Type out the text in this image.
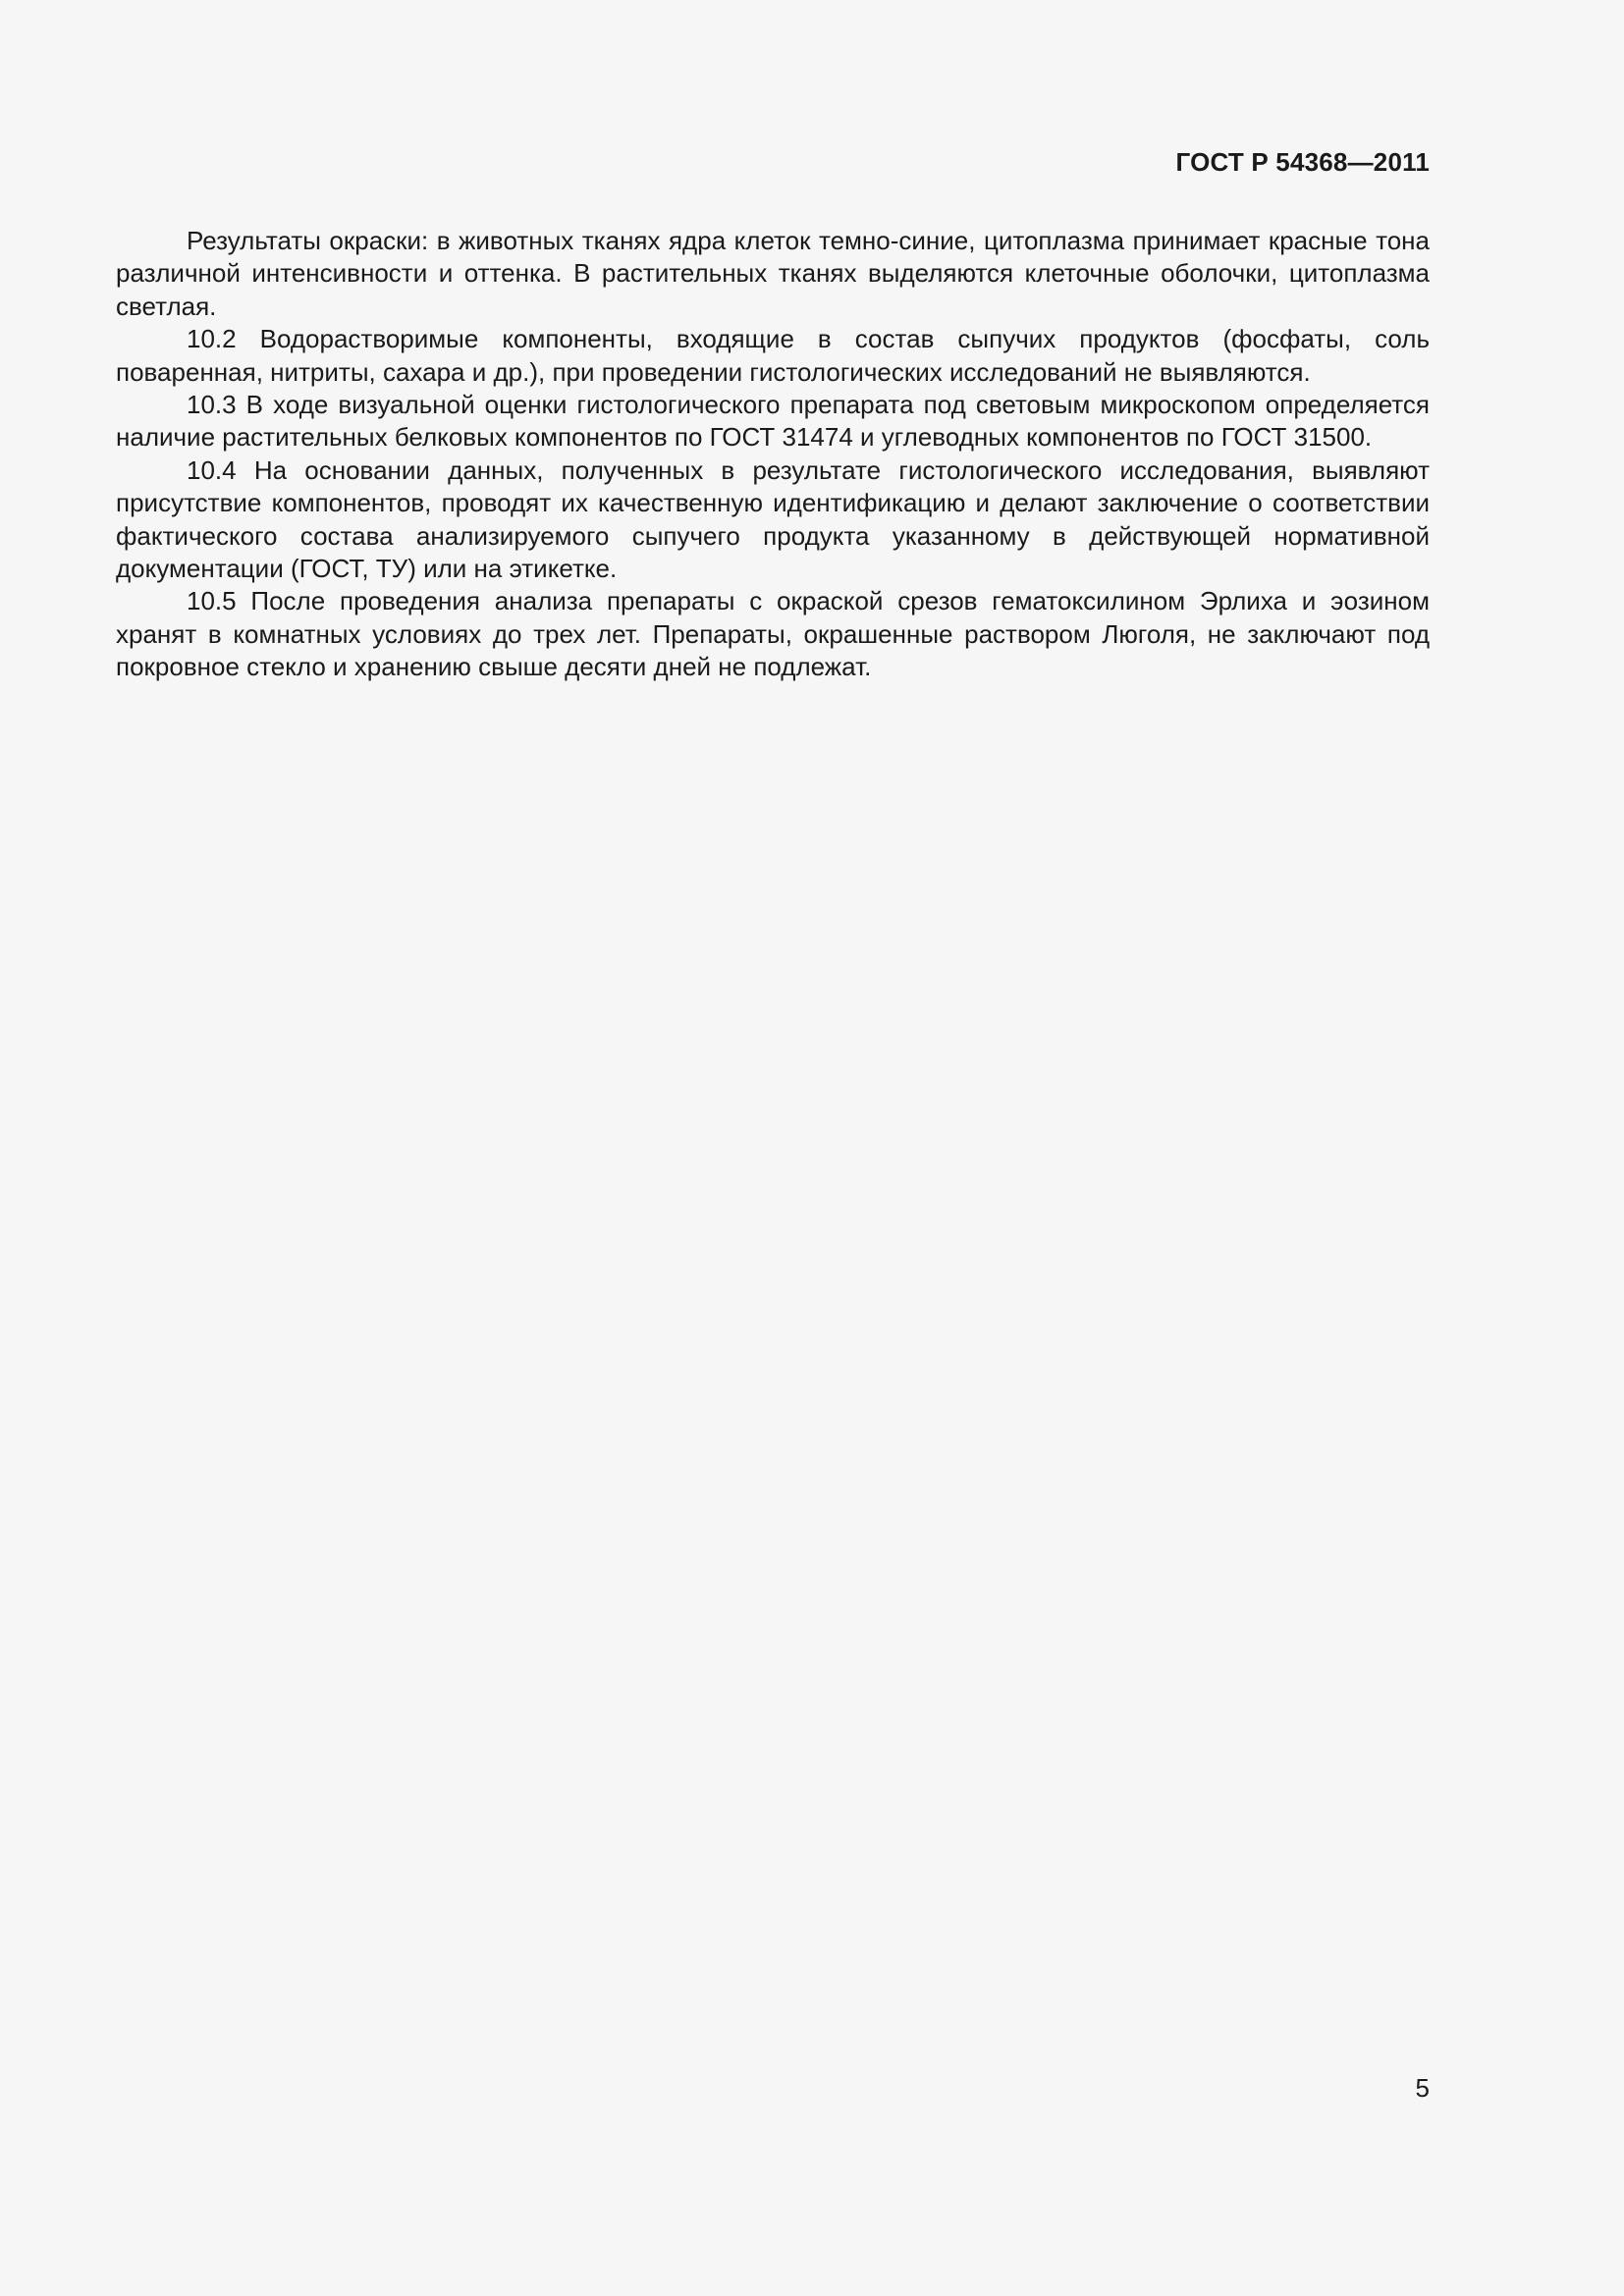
ГОСТ Р 54368—2011

Результаты окраски: в животных тканях ядра клеток темно-синие, цитоплазма принимает красные тона различной интенсивности и оттенка. В растительных тканях выделяются клеточные оболочки, цитоплазма светлая.

10.2 Водорастворимые компоненты, входящие в состав сыпучих продуктов (фосфаты, соль поваренная, нитриты, сахара и др.), при проведении гистологических исследований не выявляются.

10.3 В ходе визуальной оценки гистологического препарата под световым микроскопом определяется наличие растительных белковых компонентов по ГОСТ 31474 и углеводных компонентов по ГОСТ 31500.

10.4 На основании данных, полученных в результате гистологического исследования, выявляют присутствие компонентов, проводят их качественную идентификацию и делают заключение о соответствии фактического состава анализируемого сыпучего продукта указанному в действующей нормативной документации (ГОСТ, ТУ) или на этикетке.

10.5 После проведения анализа препараты с окраской срезов гематоксилином Эрлиха и эозином хранят в комнатных условиях до трех лет. Препараты, окрашенные раствором Люголя, не заключают под покровное стекло и хранению свыше десяти дней не подлежат.

5
